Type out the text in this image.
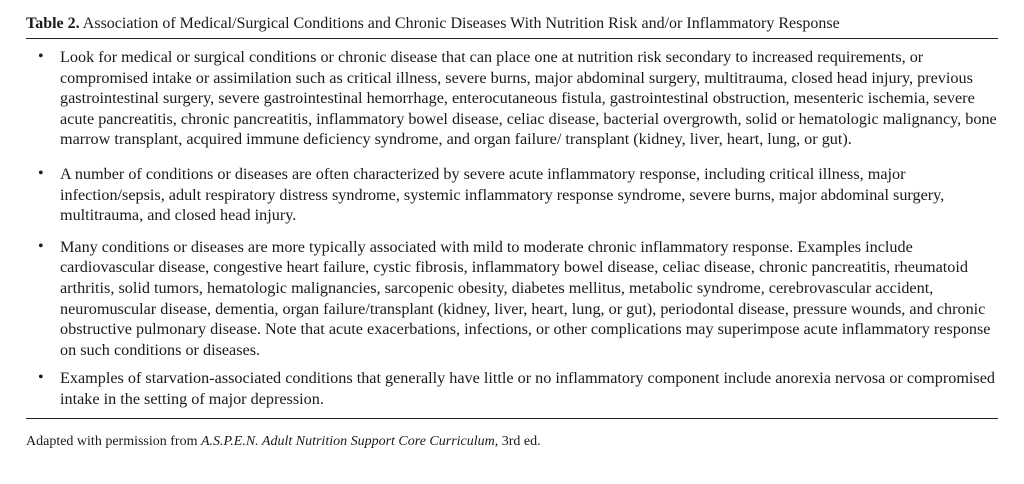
Table 2. Association of Medical/Surgical Conditions and Chronic Diseases With Nutrition Risk and/or Inflammatory Response

• Look for medical or surgical conditions or chronic disease that can place one at nutrition risk secondary to increased requirements, or compromised intake or assimilation such as critical illness, severe burns, major abdominal surgery, multitrauma, closed head injury, previous gastrointestinal surgery, severe gastrointestinal hemorrhage, enterocutaneous fistula, gastrointestinal obstruction, mesenteric ischemia, severe acute pancreatitis, chronic pancreatitis, inflammatory bowel disease, celiac disease, bacterial overgrowth, solid or hematologic malignancy, bone marrow transplant, acquired immune deficiency syndrome, and organ failure/ transplant (kidney, liver, heart, lung, or gut).
• A number of conditions or diseases are often characterized by severe acute inflammatory response, including critical illness, major infection/sepsis, adult respiratory distress syndrome, systemic inflammatory response syndrome, severe burns, major abdominal surgery, multitrauma, and closed head injury.
• Many conditions or diseases are more typically associated with mild to moderate chronic inflammatory response. Examples include cardiovascular disease, congestive heart failure, cystic fibrosis, inflammatory bowel disease, celiac disease, chronic pancreatitis, rheumatoid arthritis, solid tumors, hematologic malignancies, sarcopenic obesity, diabetes mellitus, metabolic syndrome, cerebrovascular accident, neuromuscular disease, dementia, organ failure/transplant (kidney, liver, heart, lung, or gut), periodontal disease, pressure wounds, and chronic obstructive pulmonary disease. Note that acute exacerbations, infections, or other complications may superimpose acute inflammatory response on such conditions or diseases.
• Examples of starvation-associated conditions that generally have little or no inflammatory component include anorexia nervosa or compromised intake in the setting of major depression.

Adapted with permission from A.S.P.E.N. Adult Nutrition Support Core Curriculum, 3rd ed.
